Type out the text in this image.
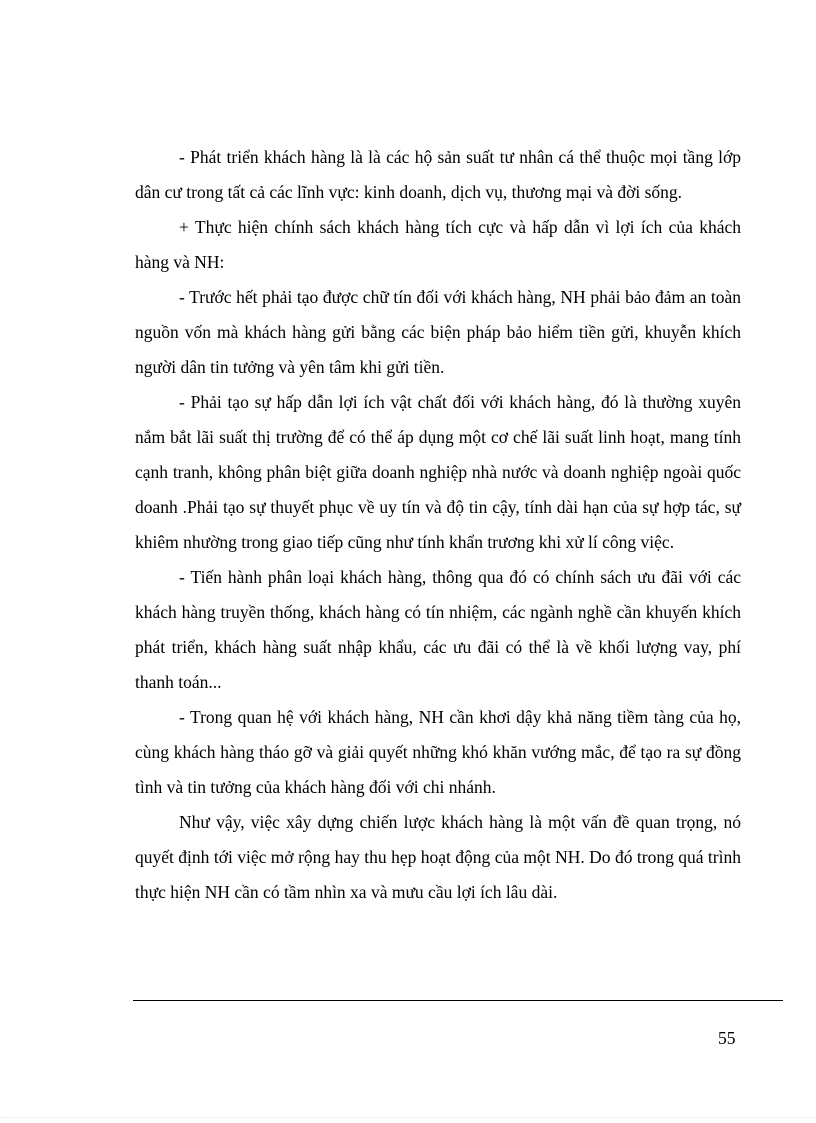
- Phát triển khách hàng là là các hộ sản suất tư nhân cá thể thuộc mọi tầng lớp dân cư trong tất cả các lĩnh vực: kinh doanh, dịch vụ, thương mại và đời sống.

+ Thực hiện chính sách khách hàng tích cực và hấp dẫn vì lợi ích của khách hàng và NH:

- Trước hết phải tạo được chữ tín đối với khách hàng, NH phải bảo đảm an toàn nguồn vốn mà khách hàng gửi bằng các biện pháp bảo hiểm tiền gửi, khuyễn khích người dân tin tưởng và yên tâm khi gửi tiền.

- Phải tạo sự hấp dẫn lợi ích vật chất đối với khách hàng, đó là thường xuyên nắm bắt lãi suất thị trường để có thể áp dụng một cơ chế lãi suất linh hoạt, mang tính cạnh tranh, không phân biệt giữa doanh nghiệp nhà nước và doanh nghiệp ngoài quốc doanh .Phải tạo sự thuyết phục về uy tín và độ tin cậy, tính dài hạn của sự hợp tác, sự khiêm nhường trong giao tiếp cũng như tính khẩn trương khi xử lí công việc.

- Tiến hành phân loại khách hàng, thông qua đó có chính sách ưu đãi với các khách hàng truyền thống, khách hàng có tín nhiệm, các ngành nghề cần khuyến khích phát triển, khách hàng suất nhập khẩu, các ưu đãi có thể là về khối lượng vay, phí thanh toán...

- Trong quan hệ với khách hàng, NH cần khơi dậy khả năng tiềm tàng của họ, cùng khách hàng tháo gỡ và giải quyết những khó khăn vướng mắc, để tạo ra sự đồng tình và tin tưởng của khách hàng đối với chi nhánh.

Như vậy, việc xây dựng chiến lược khách hàng là một vấn đề quan trọng, nó quyết định tới việc mở rộng hay thu hẹp hoạt động của một NH. Do đó trong quá trình thực hiện NH cần có tầm nhìn xa và mưu cầu lợi ích lâu dài.

55
